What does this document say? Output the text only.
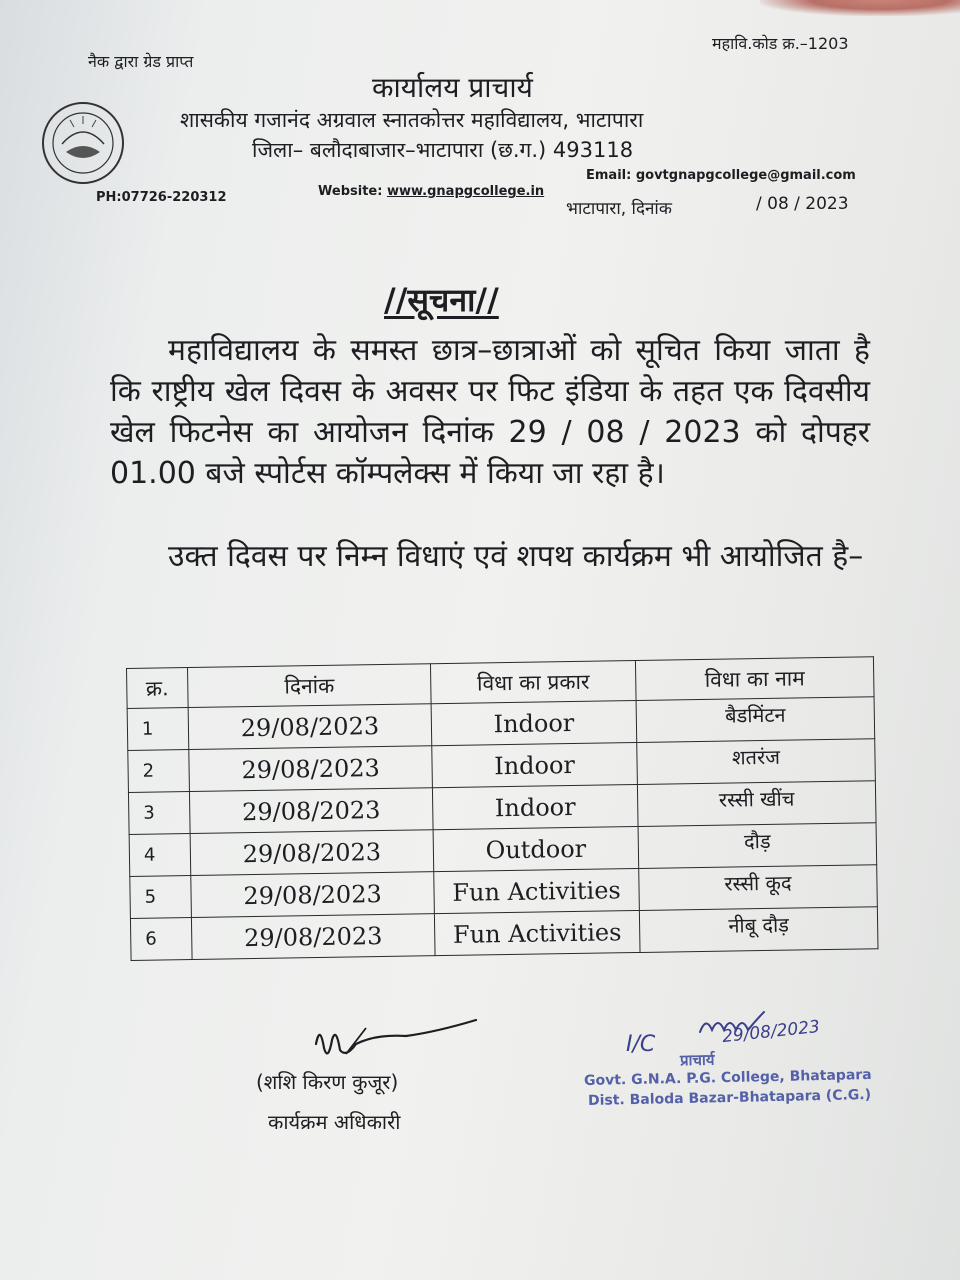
नैक द्वारा ग्रेड प्राप्त
महावि.कोड क्र.–1203
कार्यालय प्राचार्य
शासकीय गजानंद अग्रवाल स्नातकोत्तर महाविद्यालय, भाटापारा
जिला– बलौदाबाजार–भाटापारा (छ.ग.) 493118
PH:07726-220312	Website: www.gnapgcollege.in
Email: govtgnapgcollege@gmail.com
भाटापारा, दिनांक	/ 08 / 2023
//सूचना//
महाविद्यालय के समस्त छात्र–छात्राओं को सूचित किया जाता है कि राष्ट्रीय खेल दिवस के अवसर पर फिट इंडिया के तहत एक दिवसीय खेल फिटनेस का आयोजन दिनांक 29 / 08 / 2023 को दोपहर 01.00 बजे स्पोर्टस कॉम्पलेक्स में किया जा रहा है।
उक्त दिवस पर निम्न विधाएं एवं शपथ कार्यक्रम भी आयोजित है–
क्र.	दिनांक	विधा का प्रकार	विधा का नाम
1	29/08/2023	Indoor	बैडमिंटन
2	29/08/2023	Indoor	शतरंज
3	29/08/2023	Indoor	रस्सी खींच
4	29/08/2023	Outdoor	दौड़
5	29/08/2023	Fun Activities	रस्सी कूद
6	29/08/2023	Fun Activities	नीबू दौड़
(शशि किरण कुजूर)
कार्यक्रम अधिकारी
I/C	29/08/2023
प्राचार्य
Govt. G.N.A. P.G. College, Bhatapara
Dist. Baloda Bazar-Bhatapara (C.G.)
